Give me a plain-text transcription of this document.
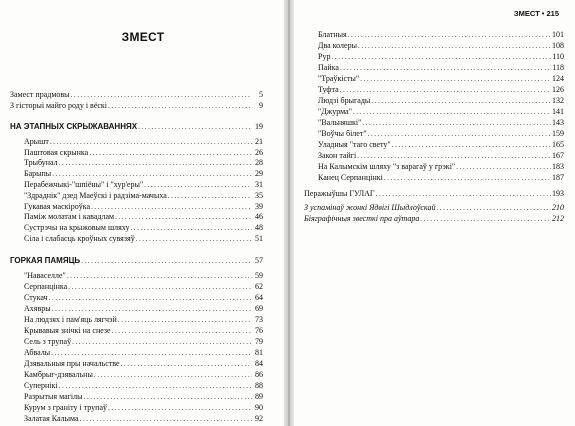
ЗМЕСТ
Замест прадмовы .....	5
З гісторыі майго роду і вёскі .....	9
НА ЭТАПНЫХ СКРЫЖАВАННЯХ .....	19
Арышт .....	21
Паштовая скрынка .....	26
Трыбунал .....	28
Барыпы .....	29
Перабежчыкі-"шпіёны" і "хур'еры" .....	31
"Здраднік" дзед Маеўскі і радзіма-мачыха .....	35
Гукавая маскіроўка .....	39
Паміж молатам і кавадлам .....	46
Сустрэчы на крыжовым шляху .....	48
Сіла і слабасць кроўных сувязяў .....	51
ГОРКАЯ ПАМЯЦЬ .....	57
"Наваселле" .....	59
Серпанцінка .....	62
Стукач .....	64
Ахявры .....	69
На людзях і пам'яць лягчэй .....	73
Крывавыя знічкі на снезе .....	76
Сель з трупаў .....	79
Абвалы .....	81
Дзявальныя пры начальстве .....	84
Камбрыг-дзявальны .....	86
Супернікі .....	88
Разрытыя магілы .....	89
Курум з граніту і трупаў .....	90
Залатая Калыма .....	92
ЗМЕСТ • 215
Блатныя .....	101
Два колеры .....	108
Рур .....	110
Пайка .....	118
"Траўкісты" .....	124
Туфта .....	126
Людзі брыгады .....	132
"Джурма" .....	141
"Вальняшкі" .....	143
"Воўчы білет" .....	159
Уладныя "таго свету" .....	165
Закон тайгі .....	167
На Калымскім шляху "з варагаў у грэкі" .....	183
Канец Серпанцінкі .....	187
Перажыўшы ГУЛАГ .....	193
З успамінаў жонкі Ядвігі Шыдлоўскай .....	210
Біяграфічныя звесткі пра аўтара .....	212
